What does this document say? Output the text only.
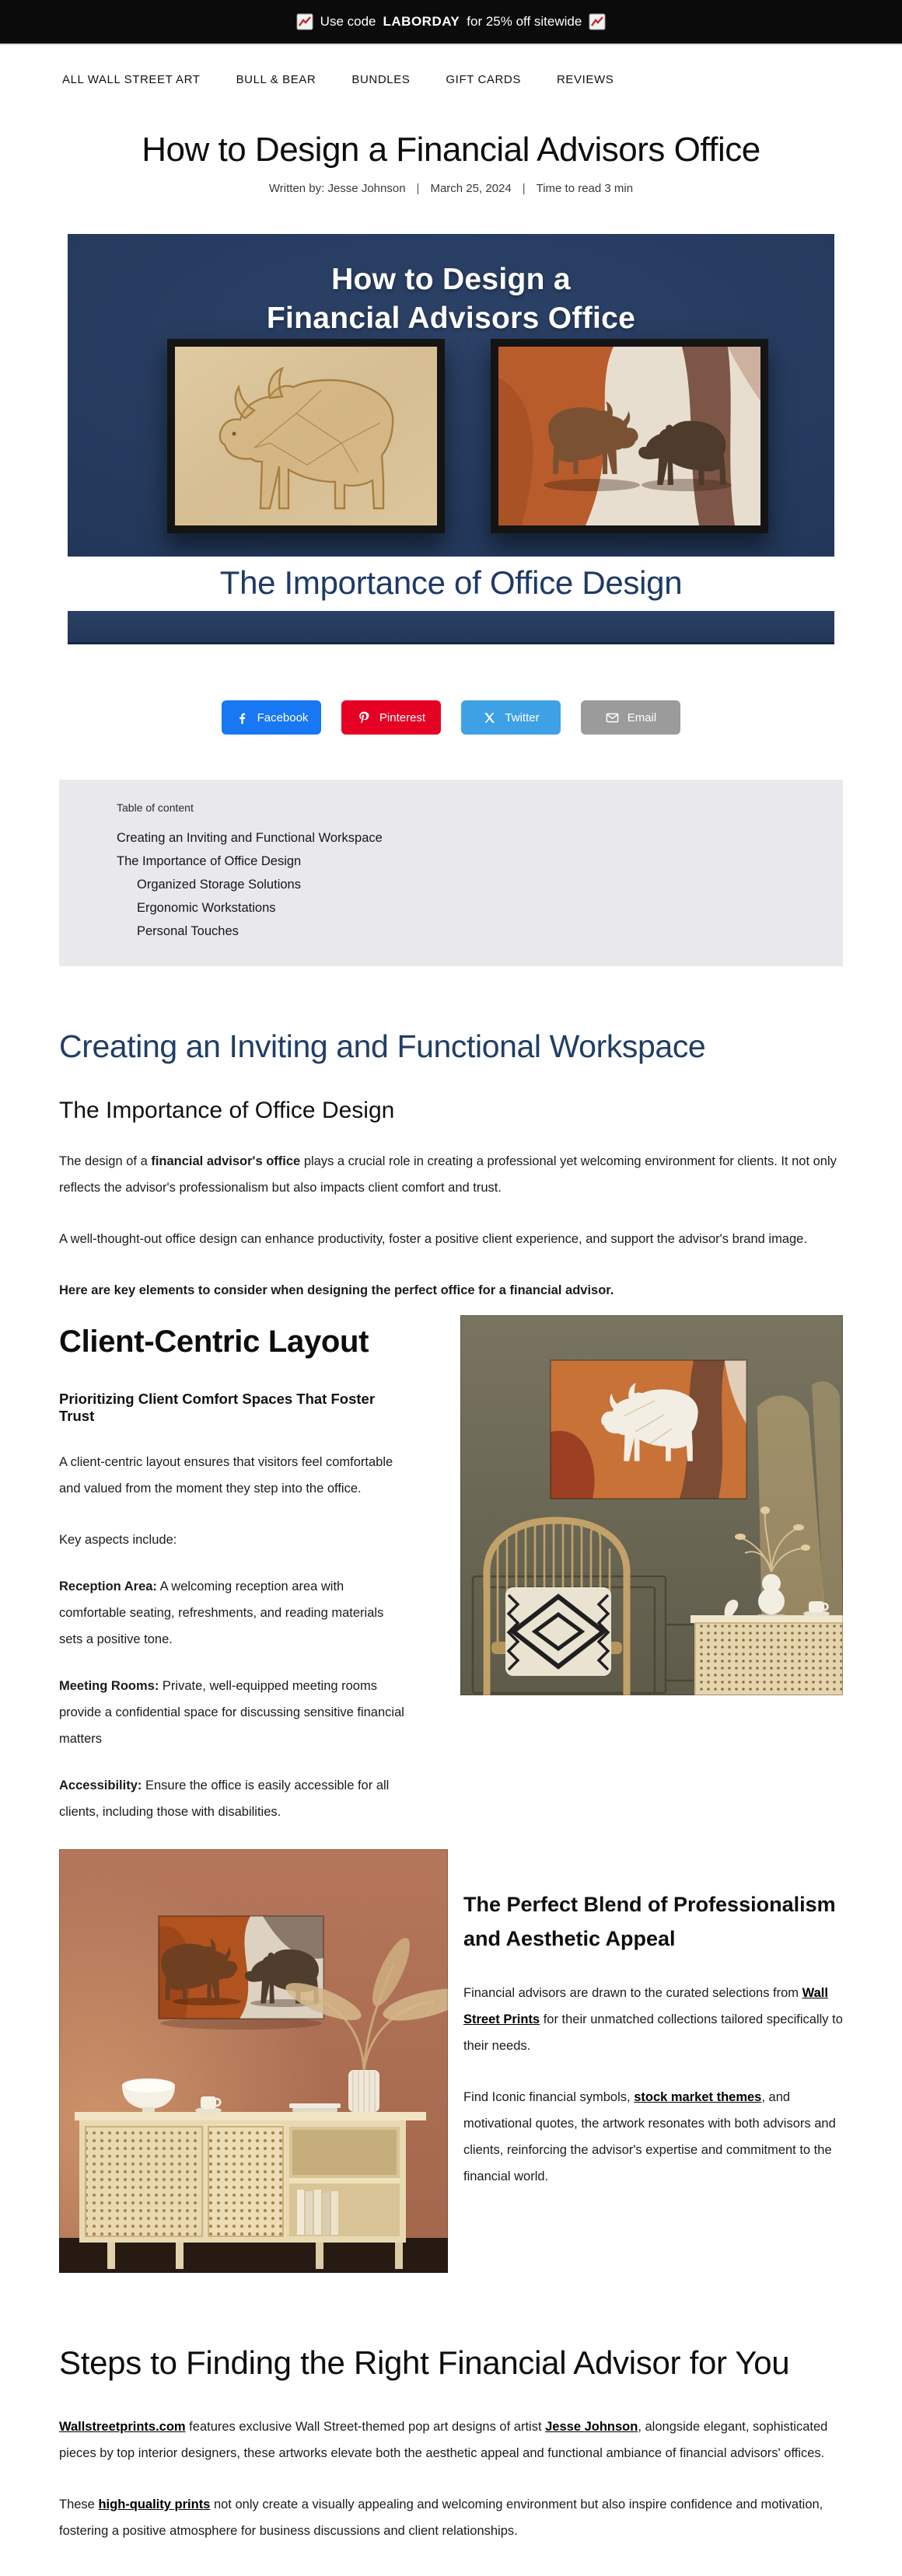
Use code LABORDAY for 25% off sitewide
ALL WALL STREET ART	BULL & BEAR	BUNDLES	GIFT CARDS	REVIEWS
How to Design a Financial Advisors Office
Written by: Jesse Johnson | March 25, 2024 | Time to read 3 min
How to Design a
Financial Advisors Office
The Importance of Office Design
Facebook	Pinterest	Twitter	Email
Table of content
Creating an Inviting and Functional Workspace
The Importance of Office Design
Organized Storage Solutions
Ergonomic Workstations
Personal Touches
Creating an Inviting and Functional Workspace
The Importance of Office Design

The design of a financial advisor's office plays a crucial role in creating a professional yet welcoming environment for clients. It not only reflects the advisor's professionalism but also impacts client comfort and trust.

A well-thought-out office design can enhance productivity, foster a positive client experience, and support the advisor's brand image.

Here are key elements to consider when designing the perfect office for a financial advisor.

Client-Centric Layout
Prioritizing Client Comfort Spaces That Foster Trust

A client-centric layout ensures that visitors feel comfortable and valued from the moment they step into the office.

Key aspects include:

Reception Area: A welcoming reception area with comfortable seating, refreshments, and reading materials sets a positive tone.

Meeting Rooms: Private, well-equipped meeting rooms provide a confidential space for discussing sensitive financial matters

Accessibility: Ensure the office is easily accessible for all clients, including those with disabilities.

The Perfect Blend of Professionalism and Aesthetic Appeal

Financial advisors are drawn to the curated selections from Wall Street Prints for their unmatched collections tailored specifically to their needs.

Find Iconic financial symbols, stock market themes, and motivational quotes, the artwork resonates with both advisors and clients, reinforcing the advisor's expertise and commitment to the financial world.

Steps to Finding the Right Financial Advisor for You

Wallstreetprints.com features exclusive Wall Street-themed pop art designs of artist Jesse Johnson, alongside elegant, sophisticated pieces by top interior designers, these artworks elevate both the aesthetic appeal and functional ambiance of financial advisors' offices.

These high-quality prints not only create a visually appealing and welcoming environment but also inspire confidence and motivation, fostering a positive atmosphere for business discussions and client relationships.
